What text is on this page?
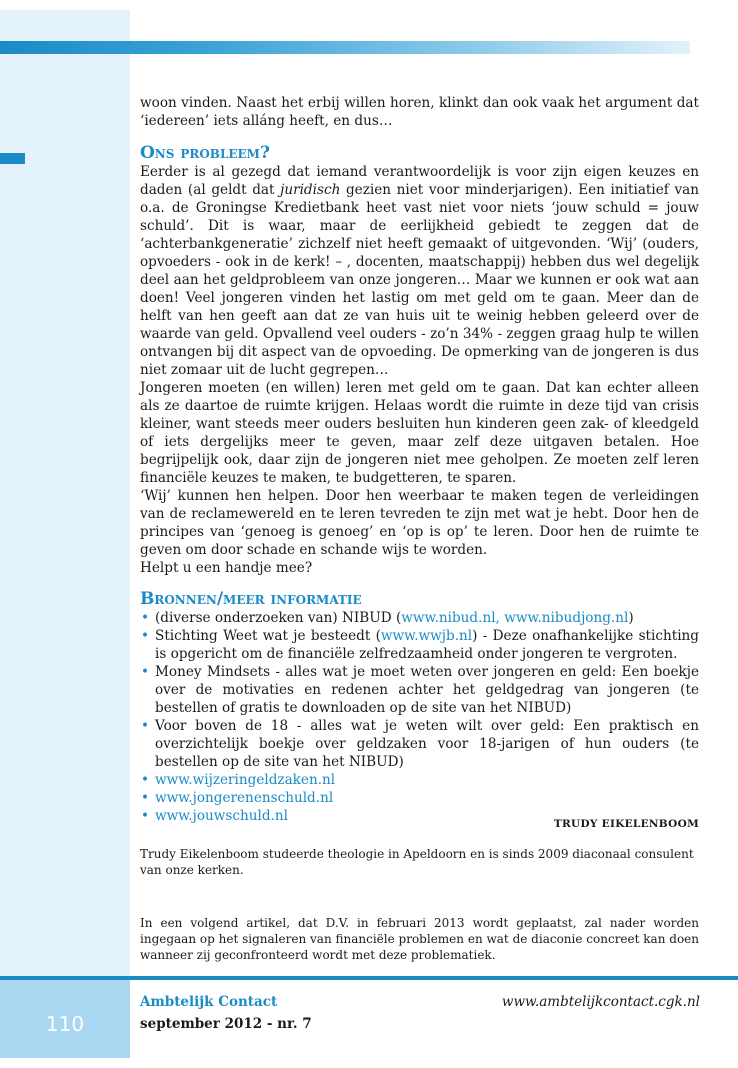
woon vinden. Naast het erbij willen horen, klinkt dan ook vaak het argument dat ‘iedereen’ iets alláng heeft, en dus…

Ons probleem?

Eerder is al gezegd dat iemand verantwoordelijk is voor zijn eigen keuzes en daden (al geldt dat juridisch gezien niet voor minderjarigen). Een initiatief van o.a. de Groningse Kredietbank heet vast niet voor niets ‘jouw schuld = jouw schuld’. Dit is waar, maar de eerlijkheid gebiedt te zeggen dat de ‘achterbankgeneratie’ zichzelf niet heeft gemaakt of uitgevonden. ‘Wij’ (ouders, opvoeders - ook in de kerk! – , docenten, maatschappij) hebben dus wel degelijk deel aan het geldprobleem van onze jongeren… Maar we kunnen er ook wat aan doen! Veel jongeren vinden het lastig om met geld om te gaan. Meer dan de helft van hen geeft aan dat ze van huis uit te weinig hebben geleerd over de waarde van geld. Opvallend veel ouders - zo’n 34% - zeggen graag hulp te willen ontvangen bij dit aspect van de opvoeding. De opmerking van de jongeren is dus niet zomaar uit de lucht gegrepen…

Jongeren moeten (en willen) leren met geld om te gaan. Dat kan echter alleen als ze daartoe de ruimte krijgen. Helaas wordt die ruimte in deze tijd van crisis kleiner, want steeds meer ouders besluiten hun kinderen geen zak- of kleedgeld of iets dergelijks meer te geven, maar zelf deze uitgaven betalen. Hoe begrijpelijk ook, daar zijn de jongeren niet mee geholpen. Ze moeten zelf leren financiële keuzes te maken, te budgetteren, te sparen.

‘Wij’ kunnen hen helpen. Door hen weerbaar te maken tegen de verleidingen van de reclamewereld en te leren tevreden te zijn met wat je hebt. Door hen de principes van ‘genoeg is genoeg’ en ‘op is op’ te leren. Door hen de ruimte te geven om door schade en schande wijs te worden.

Helpt u een handje mee?

Bronnen/meer informatie
• (diverse onderzoeken van) NIBUD (www.nibud.nl, www.nibudjong.nl)
• Stichting Weet wat je besteedt (www.wwjb.nl) - Deze onafhankelijke stichting is opgericht om de financiële zelfredzaamheid onder jongeren te vergroten.
• Money Mindsets - alles wat je moet weten over jongeren en geld: Een boekje over de motivaties en redenen achter het geldgedrag van jongeren (te bestellen of gratis te downloaden op de site van het NIBUD)
• Voor boven de 18 - alles wat je weten wilt over geld: Een praktisch en overzichtelijk boekje over geldzaken voor 18-jarigen of hun ouders (te bestellen op de site van het NIBUD)
• www.wijzeringeldzaken.nl
• www.jongerenenschuld.nl
• www.jouwschuld.nl	TRUDY EIKELENBOOM
Trudy Eikelenboom studeerde theologie in Apeldoorn en is sinds 2009 diaconaal consulent van onze kerken.
In een volgend artikel, dat D.V. in februari 2013 wordt geplaatst, zal nader worden ingegaan op het signaleren van financiële problemen en wat de diaconie concreet kan doen wanneer zij geconfronteerd wordt met deze problematiek.
110
Ambtelijk Contact
september 2012 - nr. 7
www.ambtelijkcontact.cgk.nl
